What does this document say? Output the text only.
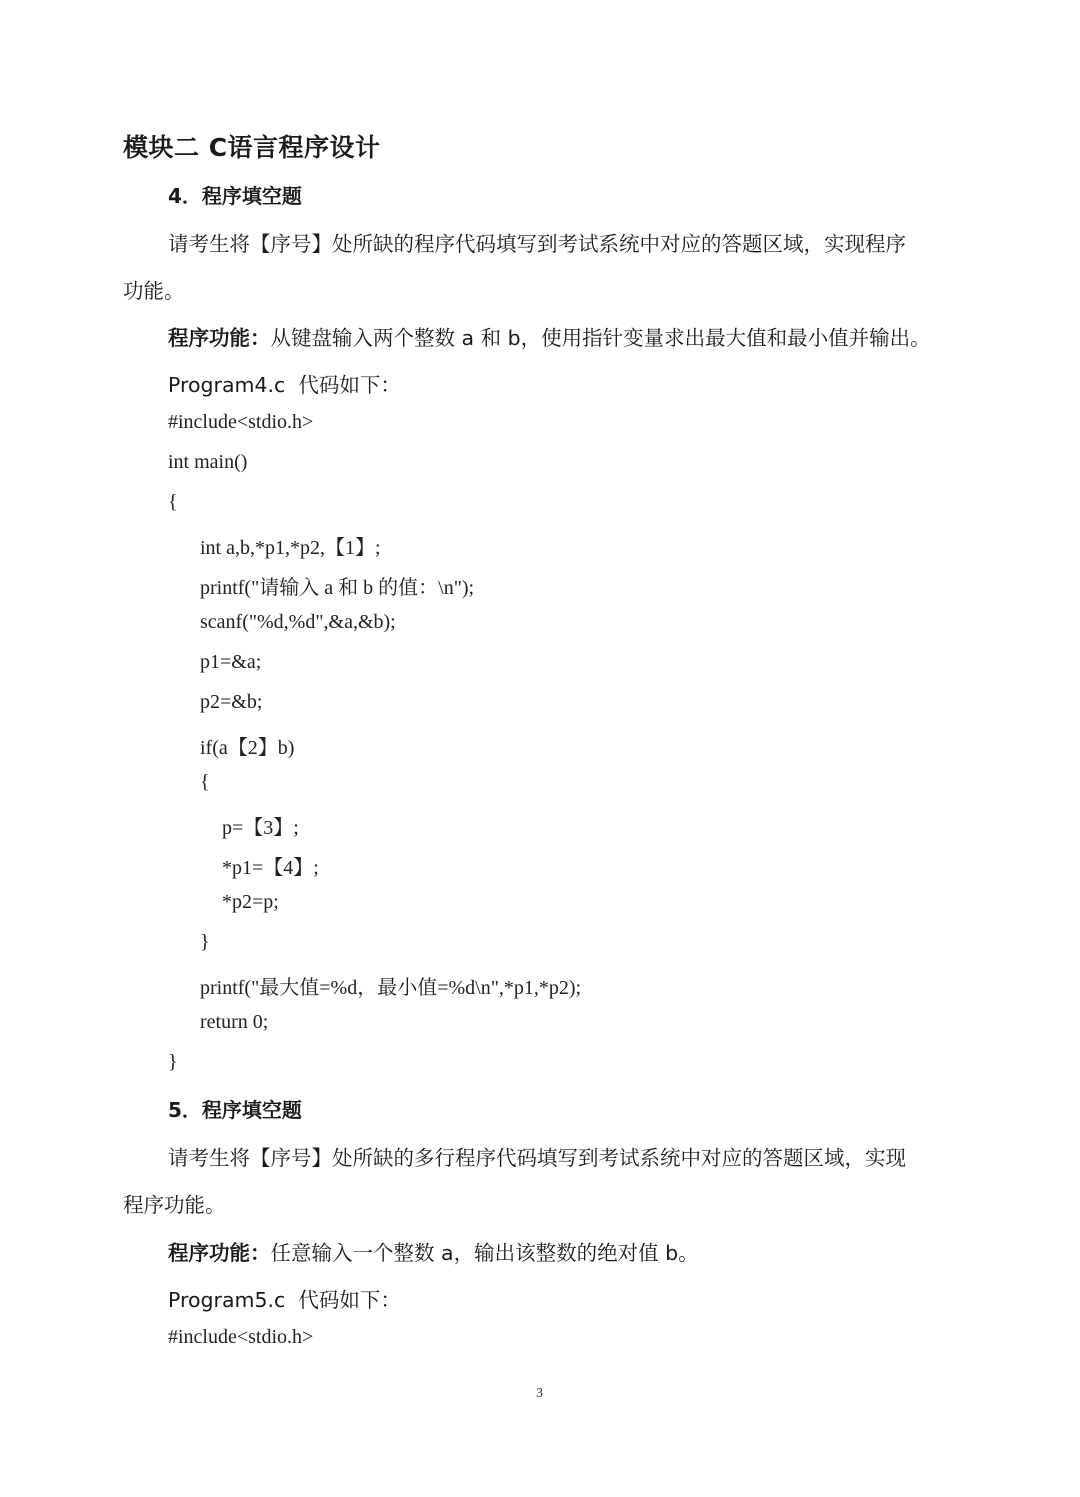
模块二 C语言程序设计
4．程序填空题
请考生将【序号】处所缺的程序代码填写到考试系统中对应的答题区域，实现程序
功能。
程序功能：从键盘输入两个整数 a 和 b，使用指针变量求出最大值和最小值并输出。
Program4.c  代码如下：
#include<stdio.h>
int main()
{
int a,b,*p1,*p2,【1】;
printf("请输入 a 和 b 的值：\n");
scanf("%d,%d",&a,&b);
p1=&a;
p2=&b;
if(a【2】b)
{
p=【3】;
*p1=【4】;
*p2=p;
}
printf("最大值=%d，最小值=%d\n",*p1,*p2);
return 0;
}
5．程序填空题
请考生将【序号】处所缺的多行程序代码填写到考试系统中对应的答题区域，实现
程序功能。
程序功能：任意输入一个整数 a，输出该整数的绝对值 b。
Program5.c  代码如下：
#include<stdio.h>
3
